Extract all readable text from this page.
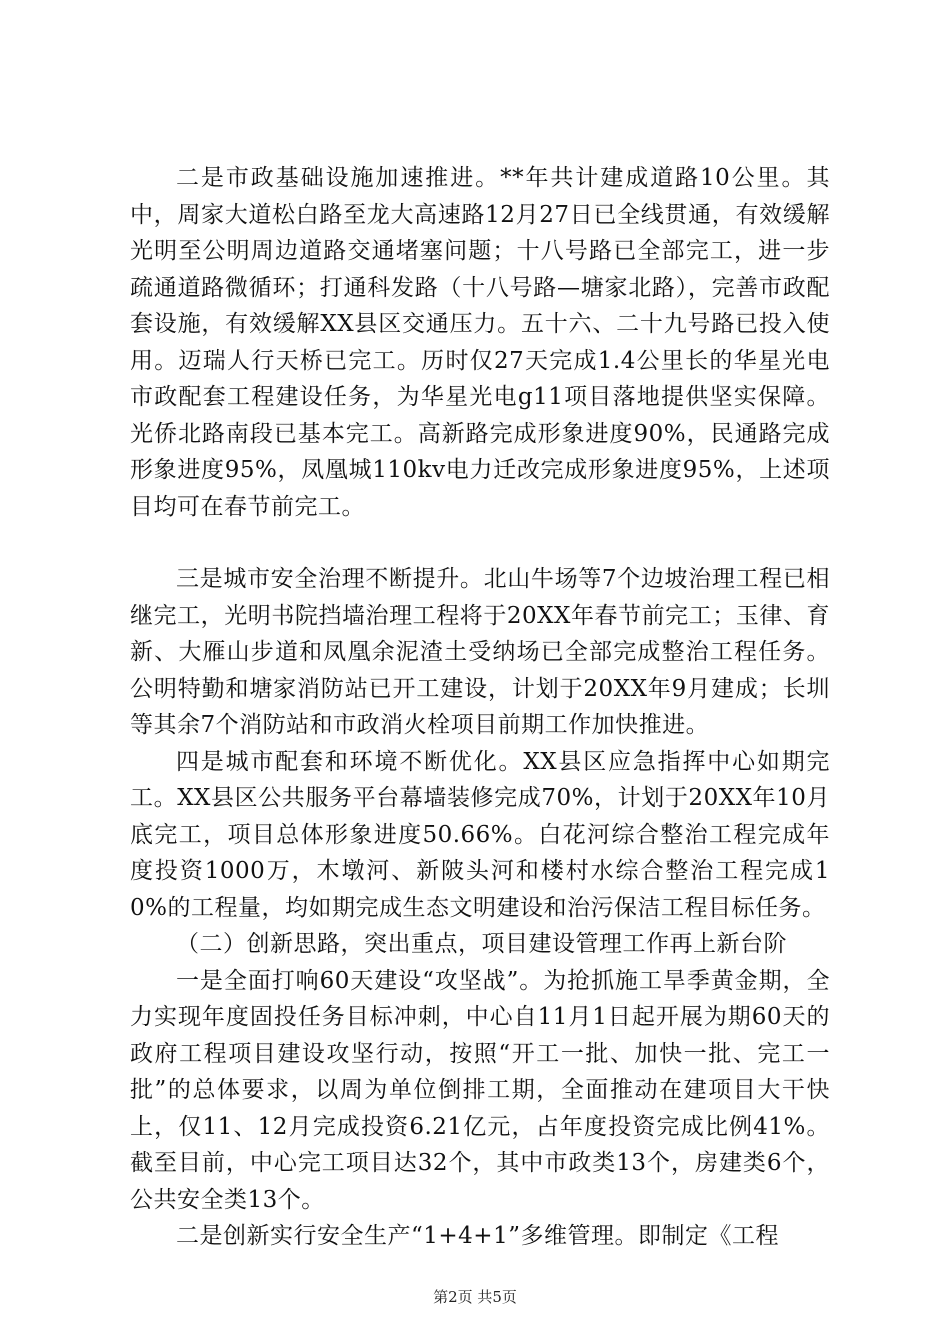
二是市政基础设施加速推进。**年共计建成道路10公里。其中，周家大道松白路至龙大高速路12月27日已全线贯通，有效缓解光明至公明周边道路交通堵塞问题；十八号路已全部完工，进一步疏通道路微循环；打通科发路（十八号路—塘家北路），完善市政配套设施，有效缓解XX县区交通压力。五十六、二十九号路已投入使用。迈瑞人行天桥已完工。历时仅27天完成1.4公里长的华星光电市政配套工程建设任务，为华星光电g11项目落地提供坚实保障。光侨北路南段已基本完工。高新路完成形象进度90%，民通路完成形象进度95%，凤凰城110kv电力迁改完成形象进度95%，上述项目均可在春节前完工。

三是城市安全治理不断提升。北山牛场等7个边坡治理工程已相继完工，光明书院挡墙治理工程将于20XX年春节前完工；玉律、育新、大雁山步道和凤凰余泥渣土受纳场已全部完成整治工程任务。公明特勤和塘家消防站已开工建设，计划于20XX年9月建成；长圳等其余7个消防站和市政消火栓项目前期工作加快推进。

四是城市配套和环境不断优化。XX县区应急指挥中心如期完工。XX县区公共服务平台幕墙装修完成70%，计划于20XX年10月底完工，项目总体形象进度50.66%。白花河综合整治工程完成年度投资1000万，木墩河、新陂头河和楼村水综合整治工程完成10%的工程量，均如期完成生态文明建设和治污保洁工程目标任务。

（二）创新思路，突出重点，项目建设管理工作再上新台阶

一是全面打响60天建设“攻坚战”。为抢抓施工旱季黄金期，全力实现年度固投任务目标冲刺，中心自11月1日起开展为期60天的政府工程项目建设攻坚行动，按照“开工一批、加快一批、完工一批”的总体要求，以周为单位倒排工期，全面推动在建项目大干快上，仅11、12月完成投资6.21亿元，占年度投资完成比例41%。截至目前，中心完工项目达32个，其中市政类13个，房建类6个，公共安全类13个。

二是创新实行安全生产“1+4+1”多维管理。即制定《工程

第2页 共5页
